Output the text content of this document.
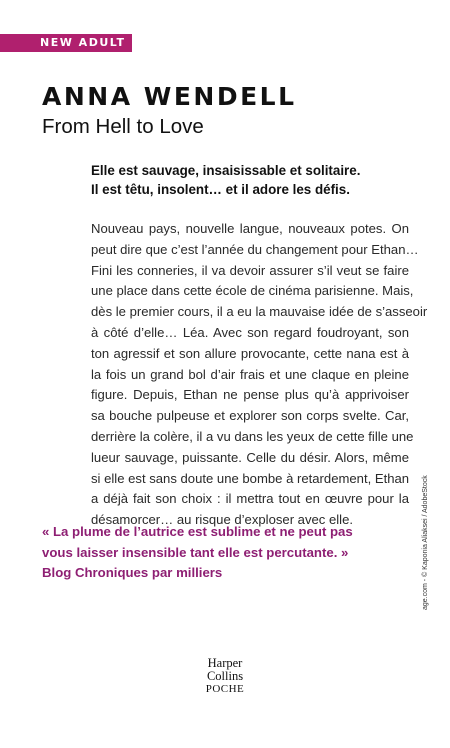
NEW ADULT
ANNA WENDELL
From Hell to Love
Elle est sauvage, insaisissable et solitaire.
Il est têtu, insolent… et il adore les défis.
Nouveau pays, nouvelle langue, nouveaux potes. On
peut dire que c’est l’année du changement pour Ethan…
Fini les conneries, il va devoir assurer s’il veut se faire
une place dans cette école de cinéma parisienne. Mais,
dès le premier cours, il a eu la mauvaise idée de s’asseoir
à côté d’elle… Léa. Avec son regard foudroyant, son
ton agressif et son allure provocante, cette nana est à
la fois un grand bol d’air frais et une claque en pleine
figure. Depuis, Ethan ne pense plus qu’à apprivoiser
sa bouche pulpeuse et explorer son corps svelte. Car,
derrière la colère, il a vu dans les yeux de cette fille une
lueur sauvage, puissante. Celle du désir. Alors, même
si elle est sans doute une bombe à retardement, Ethan
a déjà fait son choix : il mettra tout en œuvre pour la
désamorcer… au risque d’exploser avec elle.
« La plume de l’autrice est sublime et ne peut pas
vous laisser insensible tant elle est percutante. »
Blog Chroniques par milliers	age.com - © Kaponia Aliaksei / AdobeStock
Harper
Collins
POCHE
